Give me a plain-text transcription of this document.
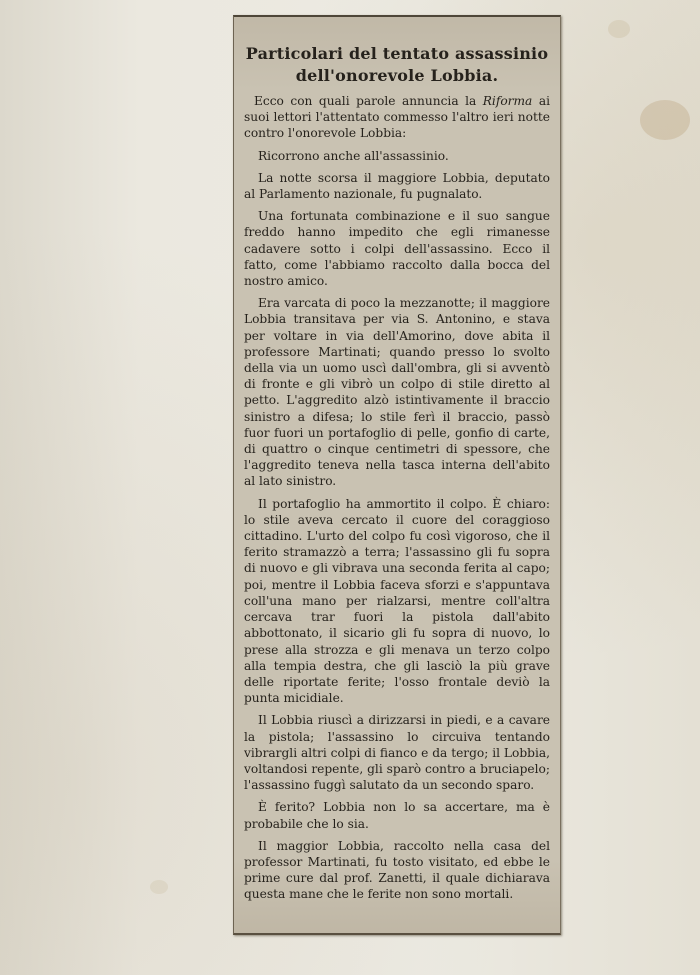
Particolari del tentato assassinio
dell'onorevole Lobbia.

Ecco con quali parole annuncia la Riforma ai suoi lettori l'attentato commesso l'altro ieri notte contro l'onorevole Lobbia:

Ricorrono anche all'assassinio.

La notte scorsa il maggiore Lobbia, deputato al Parlamento nazionale, fu pugnalato.

Una fortunata combinazione e il suo sangue freddo hanno impedito che egli rimanesse cadavere sotto i colpi dell'assassino. Ecco il fatto, come l'abbiamo raccolto dalla bocca del nostro amico.

Era varcata di poco la mezzanotte; il maggiore Lobbia transitava per via S. Antonino, e stava per voltare in via dell'Amorino, dove abita il professore Martinati; quando presso lo svolto della via un uomo uscì dall'ombra, gli si avventò di fronte e gli vibrò un colpo di stile diretto al petto. L'aggredito alzò istintivamente il braccio sinistro a difesa; lo stile ferì il braccio, passò fuor fuori un portafoglio di pelle, gonfio di carte, di quattro o cinque centimetri di spessore, che l'aggredito teneva nella tasca interna dell'abito al lato sinistro.

Il portafoglio ha ammortito il colpo. È chiaro: lo stile aveva cercato il cuore del coraggioso cittadino. L'urto del colpo fu così vigoroso, che il ferito stramazzò a terra; l'assassino gli fu sopra di nuovo e gli vibrava una seconda ferita al capo; poi, mentre il Lobbia faceva sforzi e s'appuntava coll'una mano per rialzarsi, mentre coll'altra cercava trar fuori la pistola dall'abito abbottonato, il sicario gli fu sopra di nuovo, lo prese alla strozza e gli menava un terzo colpo alla tempia destra, che gli lasciò la più grave delle riportate ferite; l'osso frontale deviò la punta micidiale.

Il Lobbia riuscì a dirizzarsi in piedi, e a cavare la pistola; l'assassino lo circuiva tentando vibrargli altri colpi di fianco e da tergo; il Lobbia, voltandosi repente, gli sparò contro a bruciapelo; l'assassino fuggì salutato da un secondo sparo.

È ferito? Lobbia non lo sa accertare, ma è probabile che lo sia.

Il maggior Lobbia, raccolto nella casa del professor Martinati, fu tosto visitato, ed ebbe le prime cure dal prof. Zanetti, il quale dichiarava questa mane che le ferite non sono mortali.
